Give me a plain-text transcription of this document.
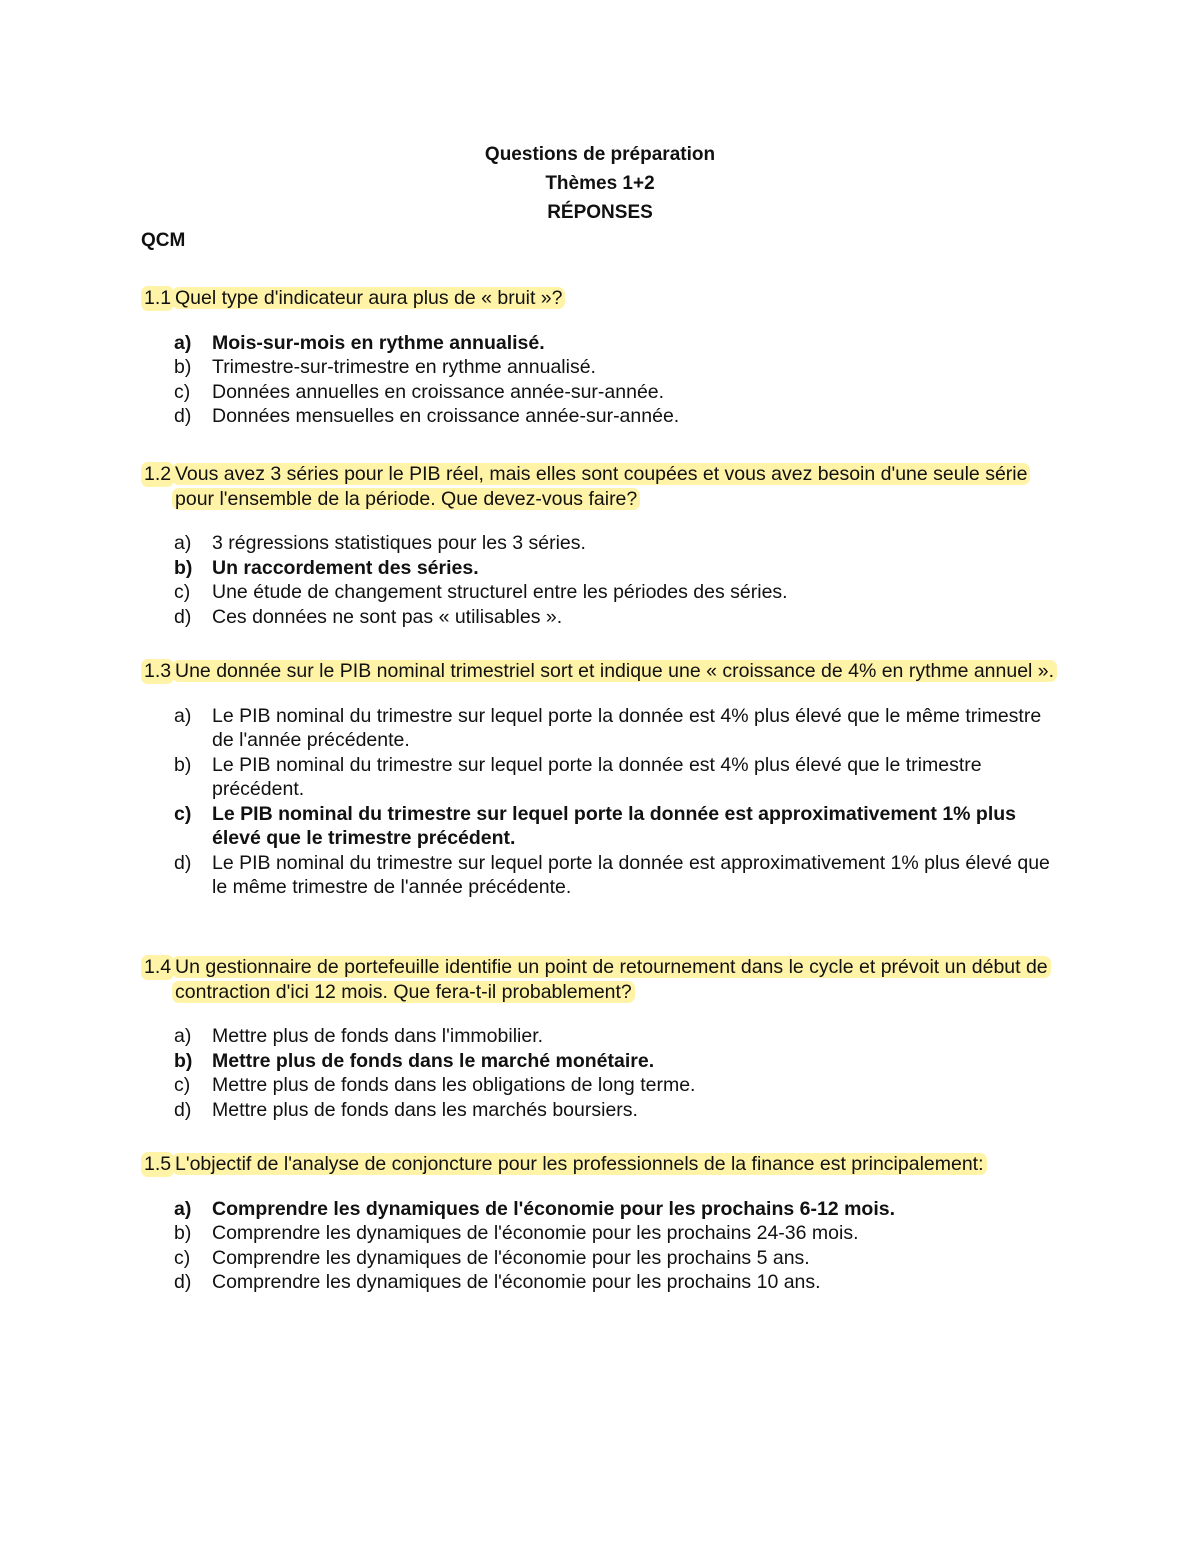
Questions de préparation
Thèmes 1+2
RÉPONSES
QCM
1.1 Quel type d'indicateur aura plus de « bruit »?
a) Mois-sur-mois en rythme annualisé.
b) Trimestre-sur-trimestre en rythme annualisé.
c) Données annuelles en croissance année-sur-année.
d) Données mensuelles en croissance année-sur-année.
1.2 Vous avez 3 séries pour le PIB réel, mais elles sont coupées et vous avez besoin d'une seule série pour l'ensemble de la période. Que devez-vous faire?
a) 3 régressions statistiques pour les 3 séries.
b) Un raccordement des séries.
c) Une étude de changement structurel entre les périodes des séries.
d) Ces données ne sont pas « utilisables ».
1.3 Une donnée sur le PIB nominal trimestriel sort et indique une « croissance de 4% en rythme annuel ».
a) Le PIB nominal du trimestre sur lequel porte la donnée est 4% plus élevé que le même trimestre de l'année précédente.
b) Le PIB nominal du trimestre sur lequel porte la donnée est 4% plus élevé que le trimestre précédent.
c) Le PIB nominal du trimestre sur lequel porte la donnée est approximativement 1% plus élevé que le trimestre précédent.
d) Le PIB nominal du trimestre sur lequel porte la donnée est approximativement 1% plus élevé que le même trimestre de l'année précédente.
1.4 Un gestionnaire de portefeuille identifie un point de retournement dans le cycle et prévoit un début de contraction d'ici 12 mois. Que fera-t-il probablement?
a) Mettre plus de fonds dans l'immobilier.
b) Mettre plus de fonds dans le marché monétaire.
c) Mettre plus de fonds dans les obligations de long terme.
d) Mettre plus de fonds dans les marchés boursiers.
1.5 L'objectif de l'analyse de conjoncture pour les professionnels de la finance est principalement:
a) Comprendre les dynamiques de l'économie pour les prochains 6-12 mois.
b) Comprendre les dynamiques de l'économie pour les prochains 24-36 mois.
c) Comprendre les dynamiques de l'économie pour les prochains 5 ans.
d) Comprendre les dynamiques de l'économie pour les prochains 10 ans.
